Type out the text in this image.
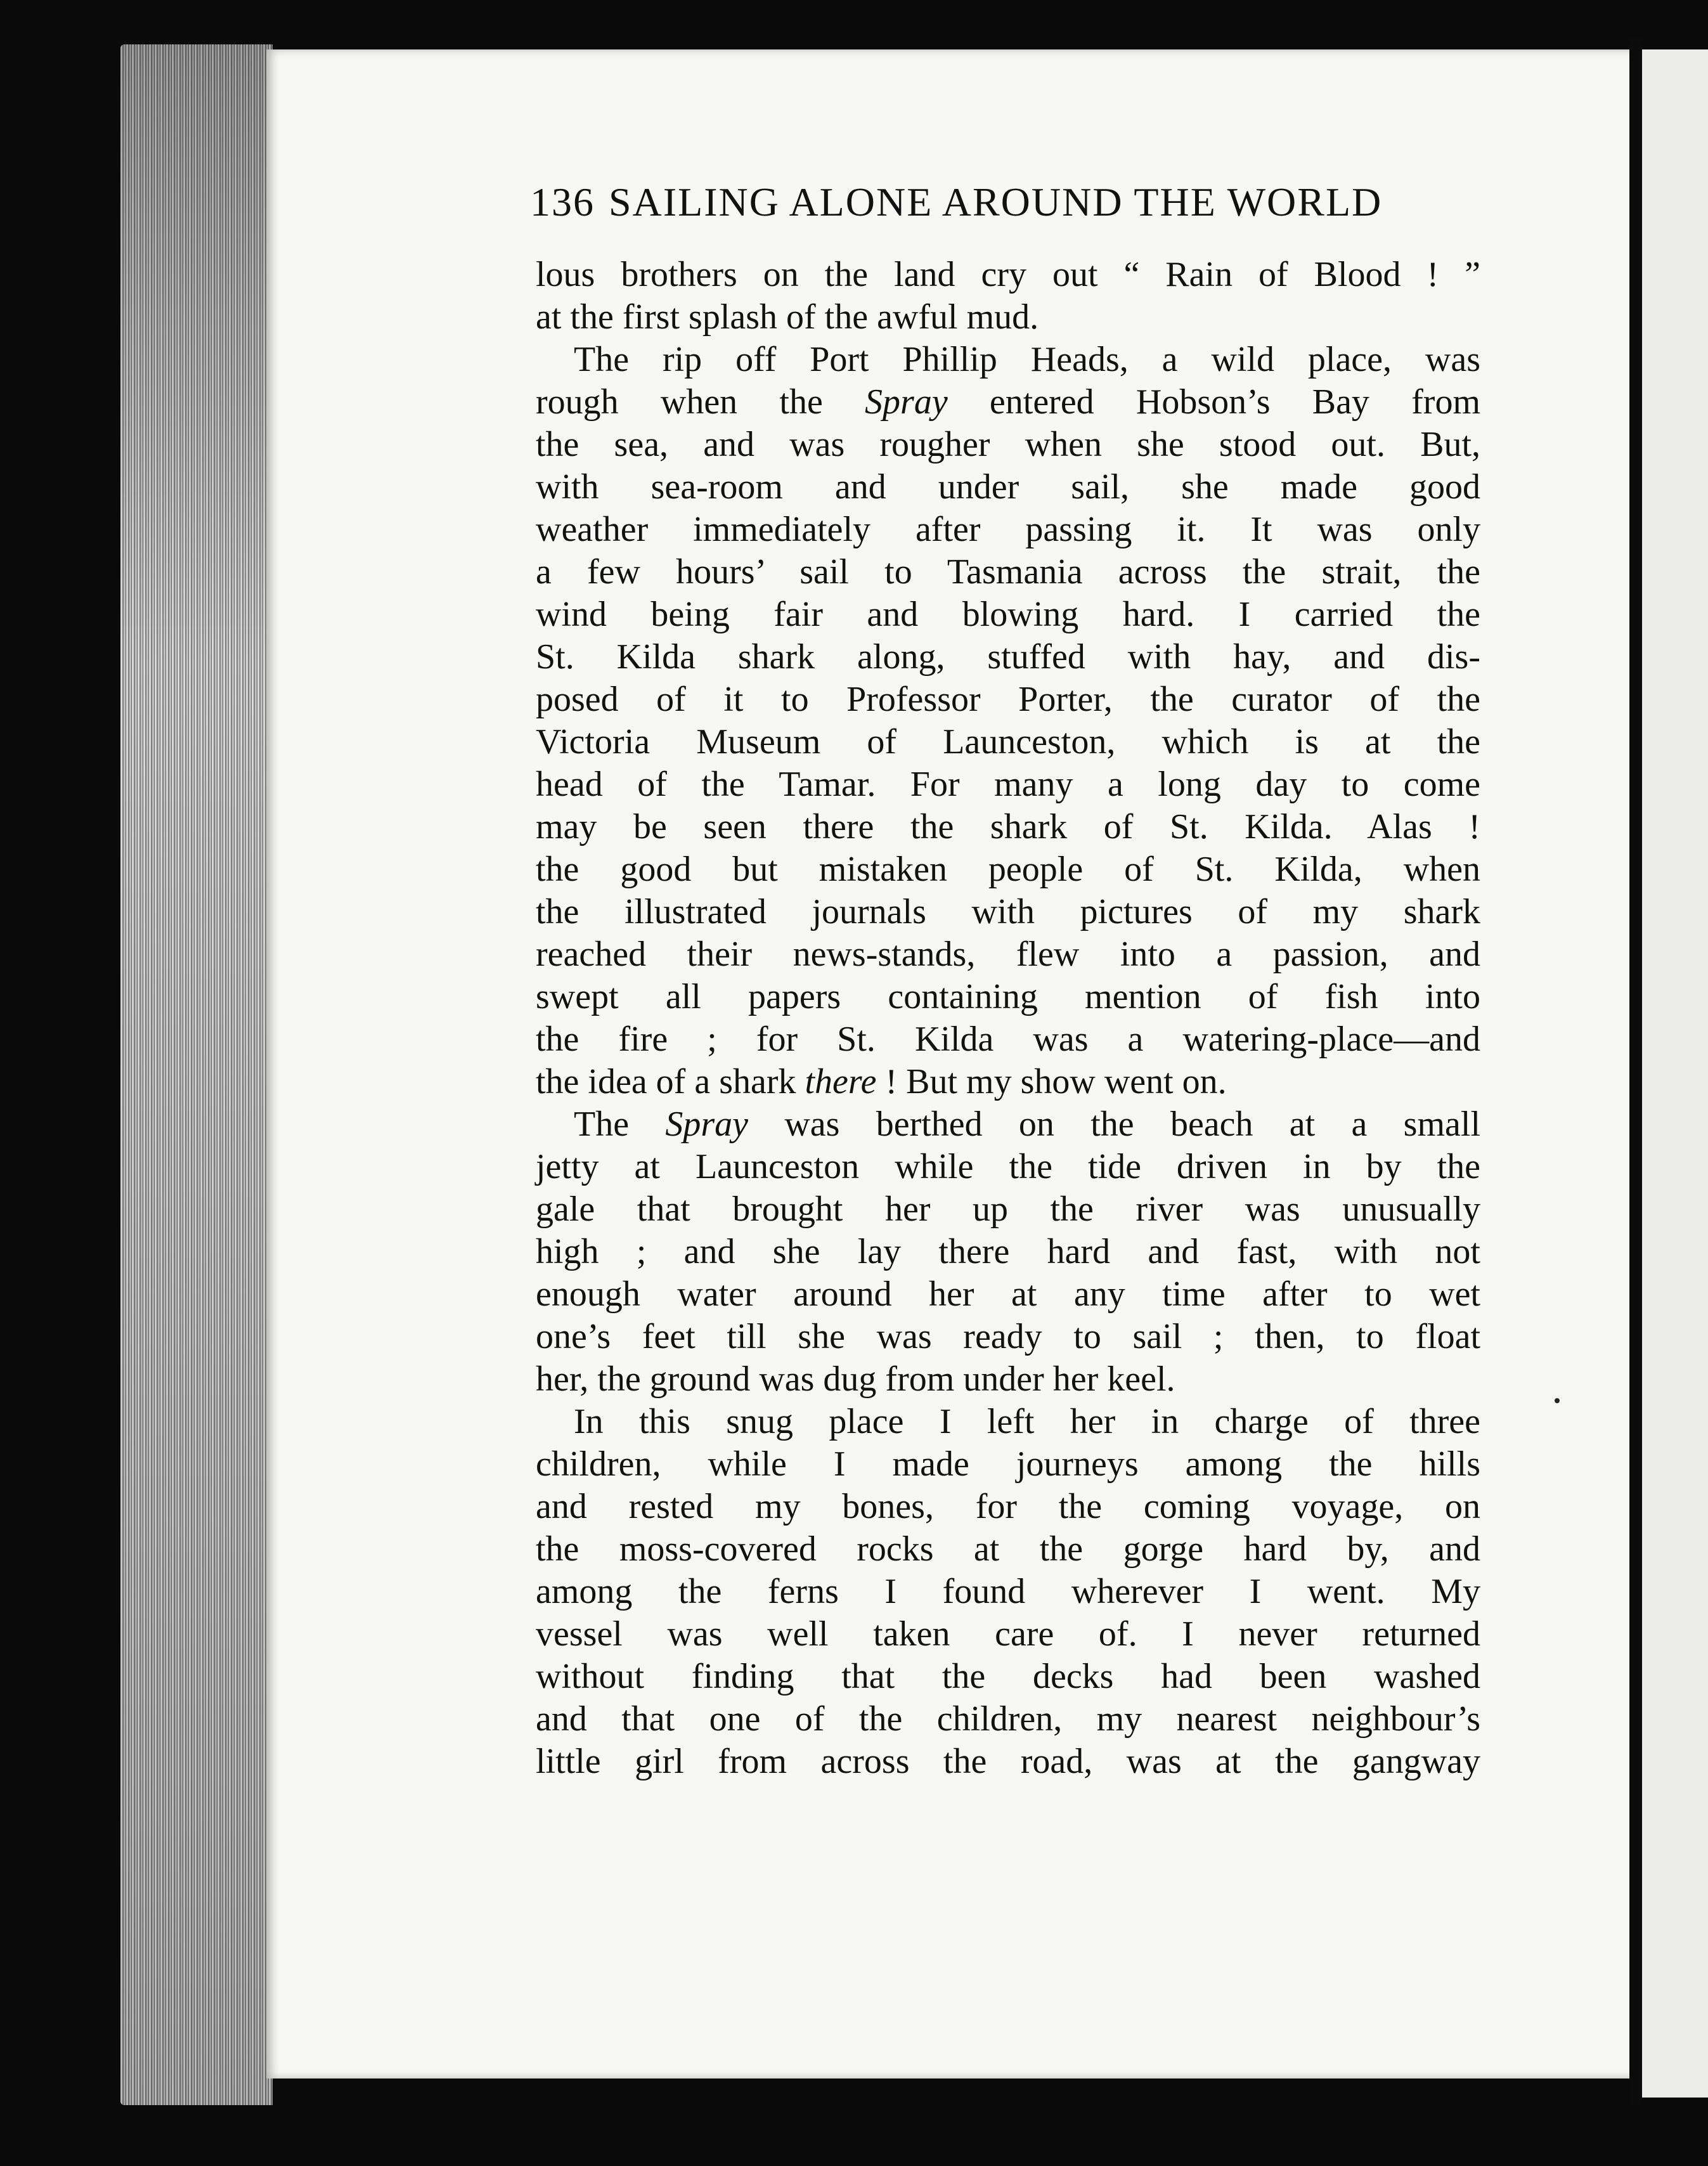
136 SAILING ALONE AROUND THE WORLD
lous brothers on the land cry out “ Rain of Blood ! ”
at the first splash of the awful mud.
The rip off Port Phillip Heads, a wild place, was
rough when the Spray entered Hobson’s Bay from
the sea, and was rougher when she stood out. But,
with sea-room and under sail, she made good
weather immediately after passing it. It was only
a few hours’ sail to Tasmania across the strait, the
wind being fair and blowing hard. I carried the
St. Kilda shark along, stuffed with hay, and dis-
posed of it to Professor Porter, the curator of the
Victoria Museum of Launceston, which is at the
head of the Tamar. For many a long day to come
may be seen there the shark of St. Kilda. Alas !
the good but mistaken people of St. Kilda, when
the illustrated journals with pictures of my shark
reached their news-stands, flew into a passion, and
swept all papers containing mention of fish into
the fire ; for St. Kilda was a watering-place—and
the idea of a shark there ! But my show went on.
The Spray was berthed on the beach at a small
jetty at Launceston while the tide driven in by the
gale that brought her up the river was unusually
high ; and she lay there hard and fast, with not
enough water around her at any time after to wet
one’s feet till she was ready to sail ; then, to float
her, the ground was dug from under her keel.
In this snug place I left her in charge of three
children, while I made journeys among the hills
and rested my bones, for the coming voyage, on
the moss-covered rocks at the gorge hard by, and
among the ferns I found wherever I went. My
vessel was well taken care of. I never returned
without finding that the decks had been washed
and that one of the children, my nearest neighbour’s
little girl from across the road, was at the gangway
